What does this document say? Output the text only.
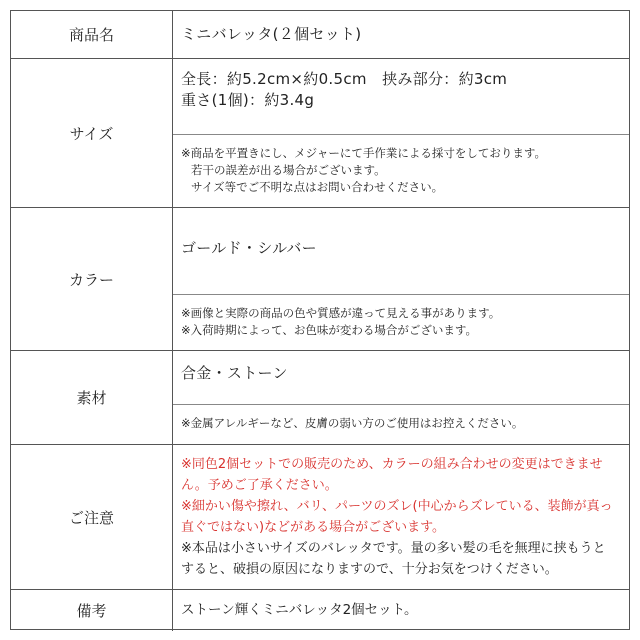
商品名	ミニバレッタ(２個セット)
サイズ
全長：約5.2cm×約0.5cm　挟み部分：約3cm
重さ(1個)：約3.4g
※商品を平置きにし、メジャーにて手作業による採寸をしております。
若干の誤差が出る場合がございます。
サイズ等でご不明な点はお問い合わせください。
カラー
ゴールド・シルバー
※画像と実際の商品の色や質感が違って見える事があります。
※入荷時期によって、お色味が変わる場合がございます。
素材
合金・ストーン
※金属アレルギーなど、皮膚の弱い方のご使用はお控えください。
ご注意
※同色2個セットでの販売のため、カラーの組み合わせの変更はできませ
ん。予めご了承ください。
※細かい傷や擦れ、バリ、パーツのズレ(中心からズレている、装飾が真っ
直ぐではない)などがある場合がございます。
※本品は小さいサイズのバレッタです。量の多い髪の毛を無理に挟もうと
すると、破損の原因になりますので、十分お気をつけください。
備考	ストーン輝くミニバレッタ2個セット。
